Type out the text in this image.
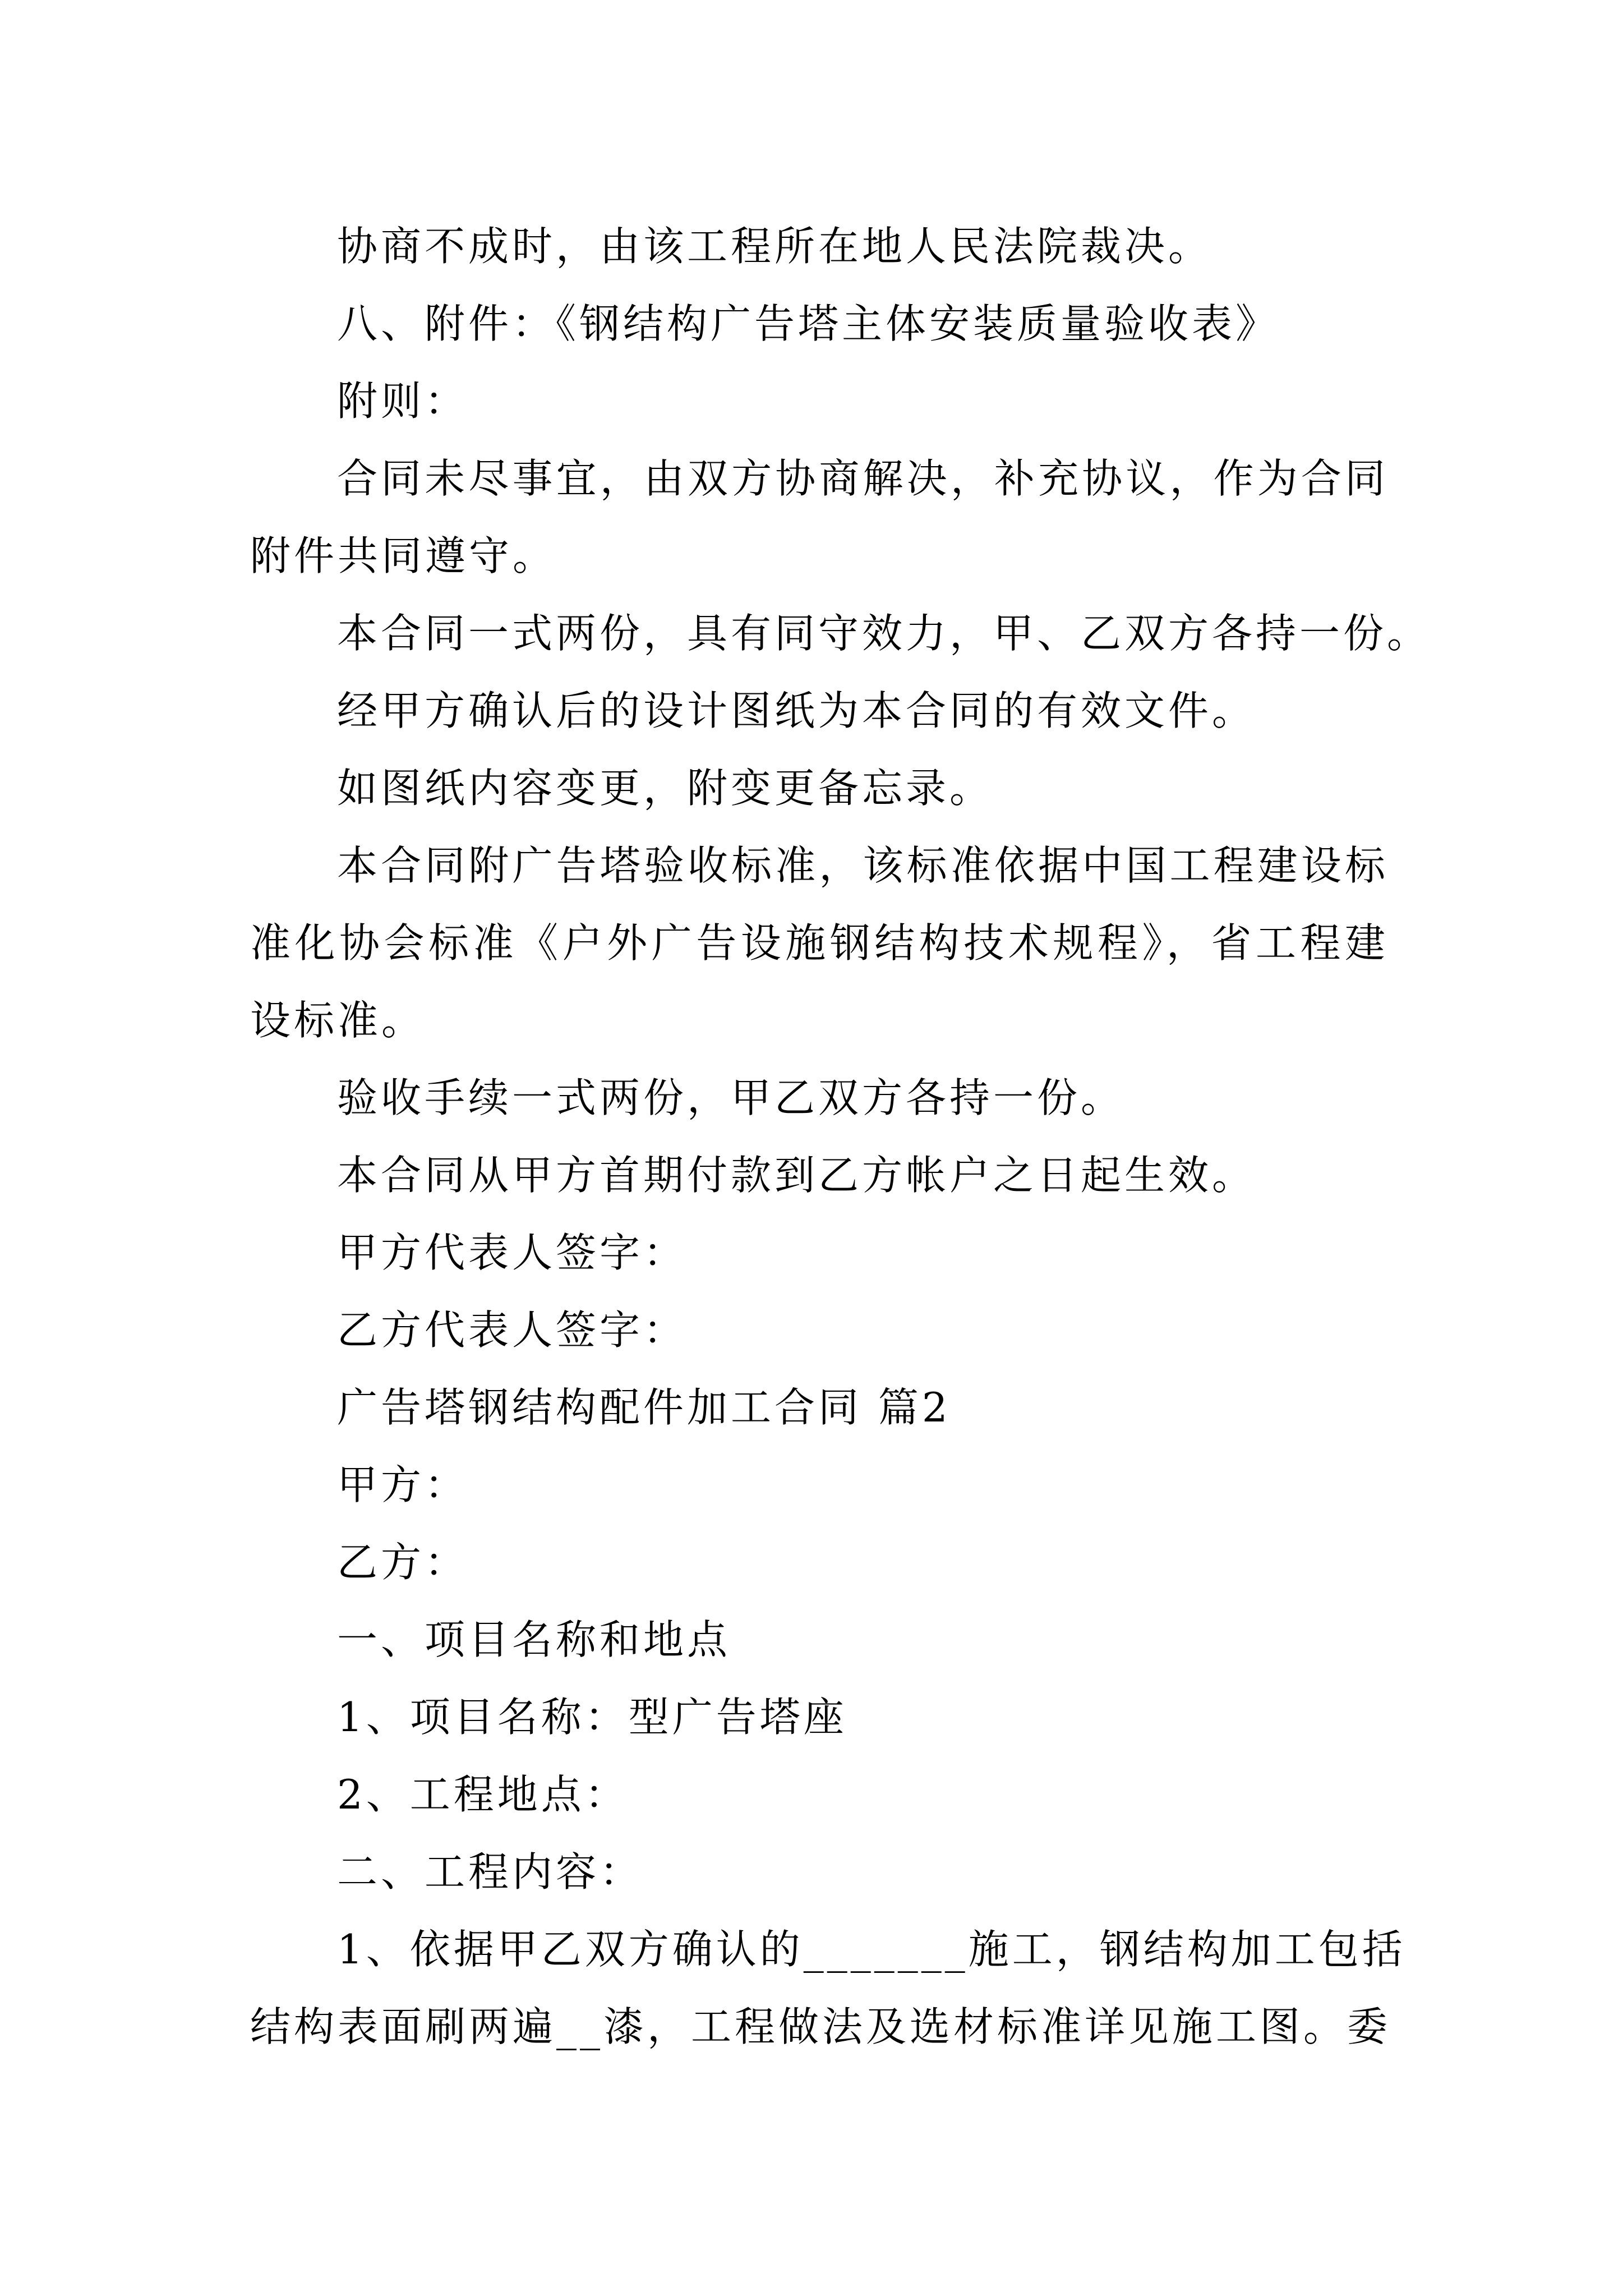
协商不成时，由该工程所在地人民法院裁决。
八、附件：《钢结构广告塔主体安装质量验收表》
附则：
合同未尽事宜，由双方协商解决，补充协议，作为合同
附件共同遵守。
本合同一式两份，具有同守效力，甲、乙双方各持一份。
经甲方确认后的设计图纸为本合同的有效文件。
如图纸内容变更，附变更备忘录。
本合同附广告塔验收标准，该标准依据中国工程建设标
准化协会标准《户外广告设施钢结构技术规程》，省工程建
设标准。
验收手续一式两份，甲乙双方各持一份。
本合同从甲方首期付款到乙方帐户之日起生效。
甲方代表人签字：
乙方代表人签字：
广告塔钢结构配件加工合同 篇2
甲方：
乙方：
一、项目名称和地点
1、项目名称：型广告塔座
2、工程地点：
二、工程内容：
1、依据甲乙双方确认的_______施工，钢结构加工包括
结构表面刷两遍__漆，工程做法及选材标准详见施工图。委
